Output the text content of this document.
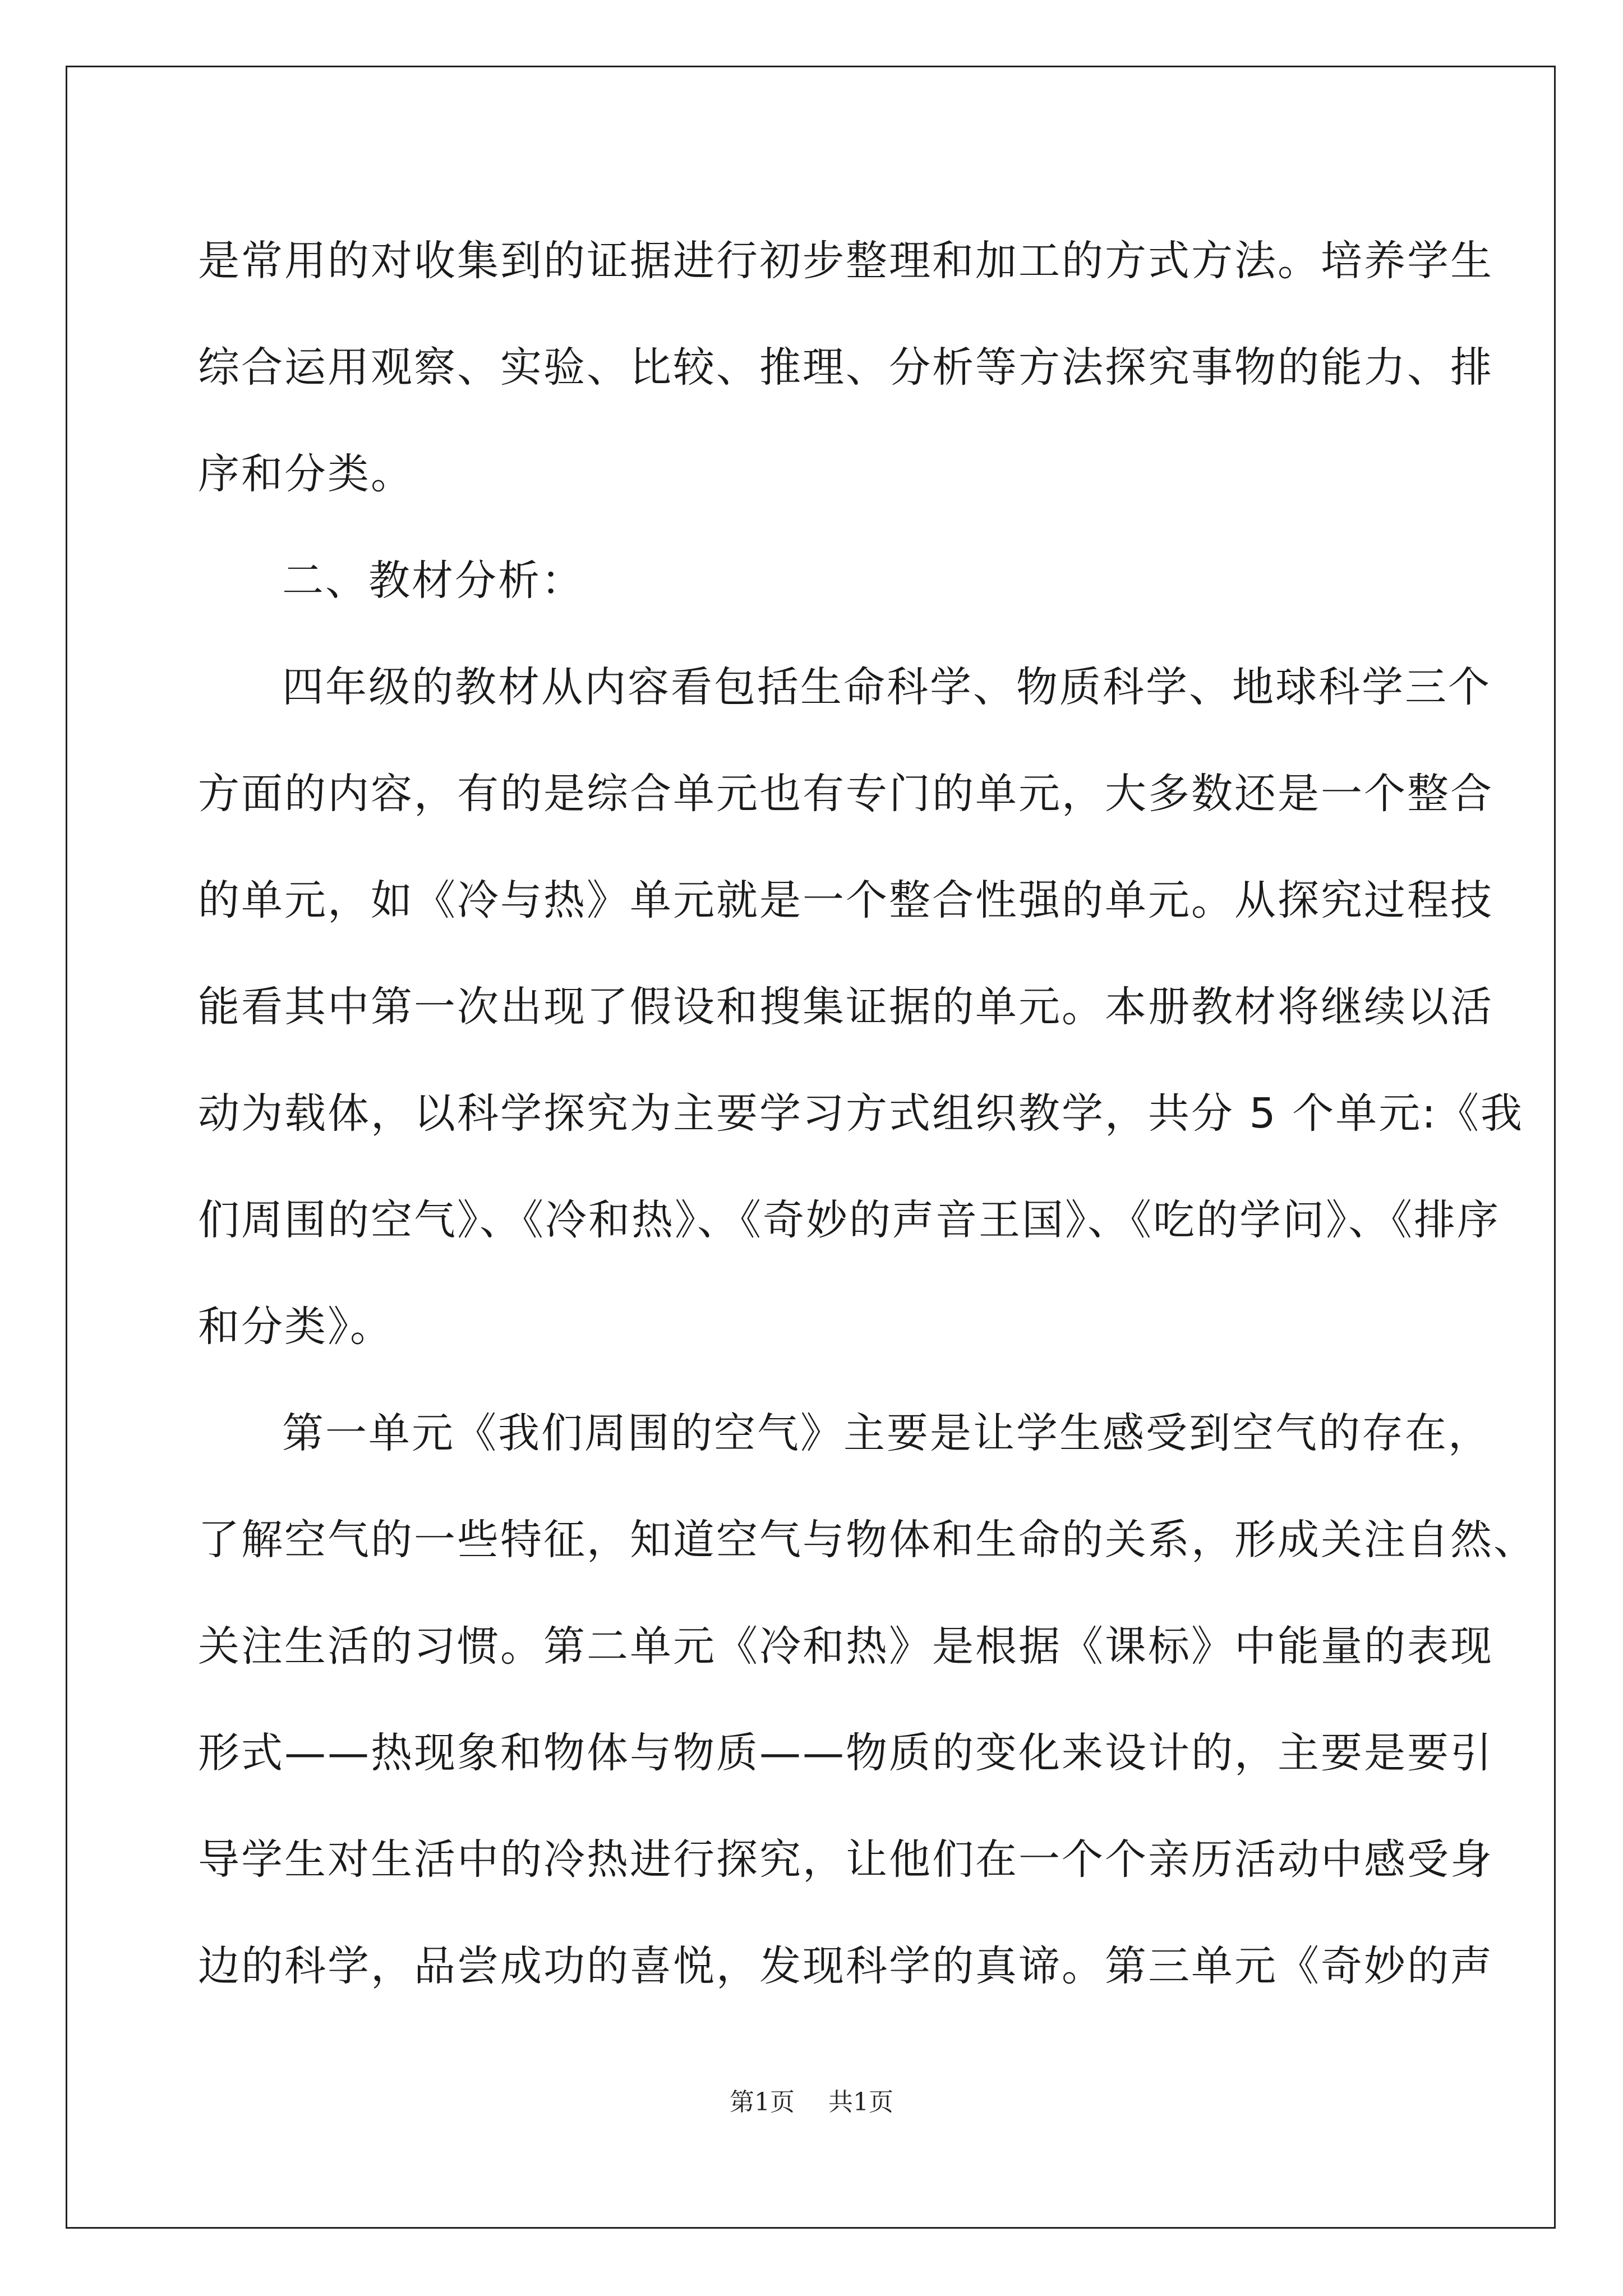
是常用的对收集到的证据进行初步整理和加工的方式方法。培养学生
综合运用观察、实验、比较、推理、分析等方法探究事物的能力、排
序和分类。
二、教材分析：
四年级的教材从内容看包括生命科学、物质科学、地球科学三个
方面的内容，有的是综合单元也有专门的单元，大多数还是一个整合
的单元，如《冷与热》单元就是一个整合性强的单元。从探究过程技
能看其中第一次出现了假设和搜集证据的单元。本册教材将继续以活
动为载体，以科学探究为主要学习方式组织教学，共分 5 个单元:《我
们周围的空气》、《冷和热》、《奇妙的声音王国》、《吃的学问》、《排序
和分类》。
第一单元《我们周围的空气》主要是让学生感受到空气的存在，
了解空气的一些特征，知道空气与物体和生命的关系，形成关注自然、
关注生活的习惯。第二单元《冷和热》是根据《课标》中能量的表现
形式——热现象和物体与物质——物质的变化来设计的，主要是要引
导学生对生活中的冷热进行探究，让他们在一个个亲历活动中感受身
边的科学，品尝成功的喜悦，发现科学的真谛。第三单元《奇妙的声
第1页 共1页
